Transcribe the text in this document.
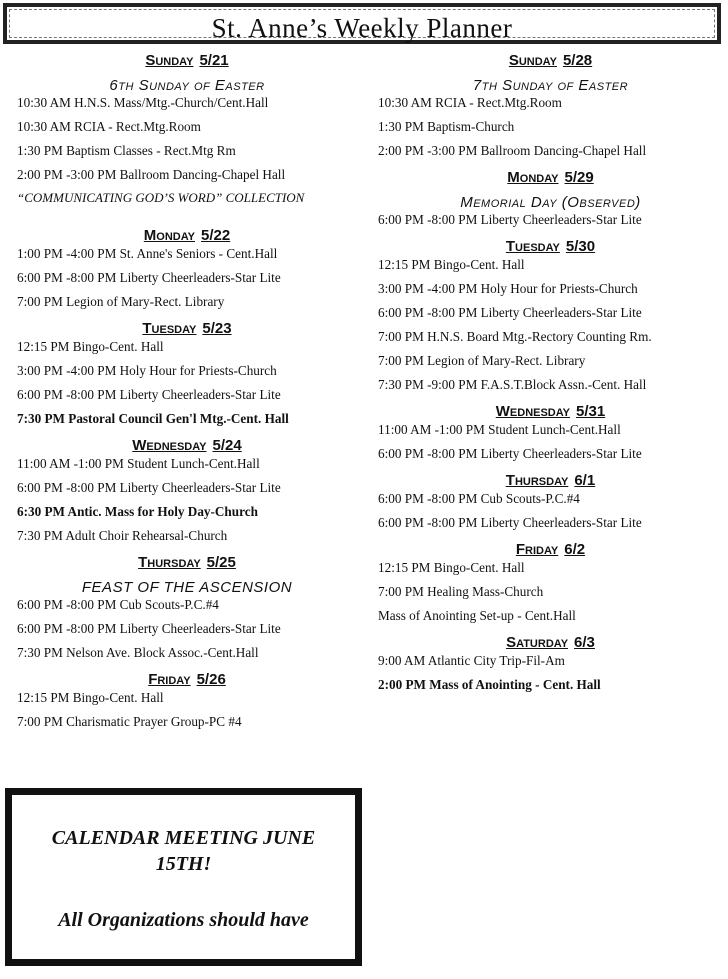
St. Anne’s Weekly Planner
Sunday 5/21
6th Sunday of Easter
10:30 AM H.N.S. Mass/Mtg.-Church/Cent.Hall
10:30 AM RCIA - Rect.Mtg.Room
1:30 PM Baptism Classes - Rect.Mtg Rm
2:00 PM -3:00 PM Ballroom Dancing-Chapel Hall
“COMMUNICATING GOD’S WORD” COLLECTION
Monday 5/22
1:00 PM -4:00 PM St. Anne's Seniors - Cent.Hall
6:00 PM -8:00 PM Liberty Cheerleaders-Star Lite
7:00 PM Legion of Mary-Rect. Library
Tuesday 5/23
12:15 PM Bingo-Cent. Hall
3:00 PM -4:00 PM Holy Hour for Priests-Church
6:00 PM -8:00 PM Liberty Cheerleaders-Star Lite
7:30 PM Pastoral Council Gen'l Mtg.-Cent. Hall
Wednesday 5/24
11:00 AM -1:00 PM Student Lunch-Cent.Hall
6:00 PM -8:00 PM Liberty Cheerleaders-Star Lite
6:30 PM Antic. Mass for Holy Day-Church
7:30 PM Adult Choir Rehearsal-Church
Thursday 5/25
FEAST OF THE ASCENSION
6:00 PM -8:00 PM Cub Scouts-P.C.#4
6:00 PM -8:00 PM Liberty Cheerleaders-Star Lite
7:30 PM Nelson Ave. Block Assoc.-Cent.Hall
Friday 5/26
12:15 PM Bingo-Cent. Hall
7:00 PM Charismatic Prayer Group-PC #4
Sunday 5/28
7th Sunday of Easter
10:30 AM RCIA - Rect.Mtg.Room
1:30 PM Baptism-Church
2:00 PM -3:00 PM Ballroom Dancing-Chapel Hall
Monday 5/29
Memorial Day (Observed)
6:00 PM -8:00 PM Liberty Cheerleaders-Star Lite
Tuesday 5/30
12:15 PM Bingo-Cent. Hall
3:00 PM -4:00 PM Holy Hour for Priests-Church
6:00 PM -8:00 PM Liberty Cheerleaders-Star Lite
7:00 PM H.N.S. Board Mtg.-Rectory Counting Rm.
7:00 PM Legion of Mary-Rect. Library
7:30 PM -9:00 PM F.A.S.T.Block Assn.-Cent. Hall
Wednesday 5/31
11:00 AM -1:00 PM Student Lunch-Cent.Hall
6:00 PM -8:00 PM Liberty Cheerleaders-Star Lite
Thursday 6/1
6:00 PM -8:00 PM Cub Scouts-P.C.#4
6:00 PM -8:00 PM Liberty Cheerleaders-Star Lite
Friday 6/2
12:15 PM Bingo-Cent. Hall
7:00 PM Healing Mass-Church
Mass of Anointing Set-up - Cent.Hall
Saturday 6/3
9:00 AM Atlantic City Trip-Fil-Am
2:00 PM Mass of Anointing - Cent. Hall
CALENDAR MEETING JUNE 15TH!
All Organizations should have
